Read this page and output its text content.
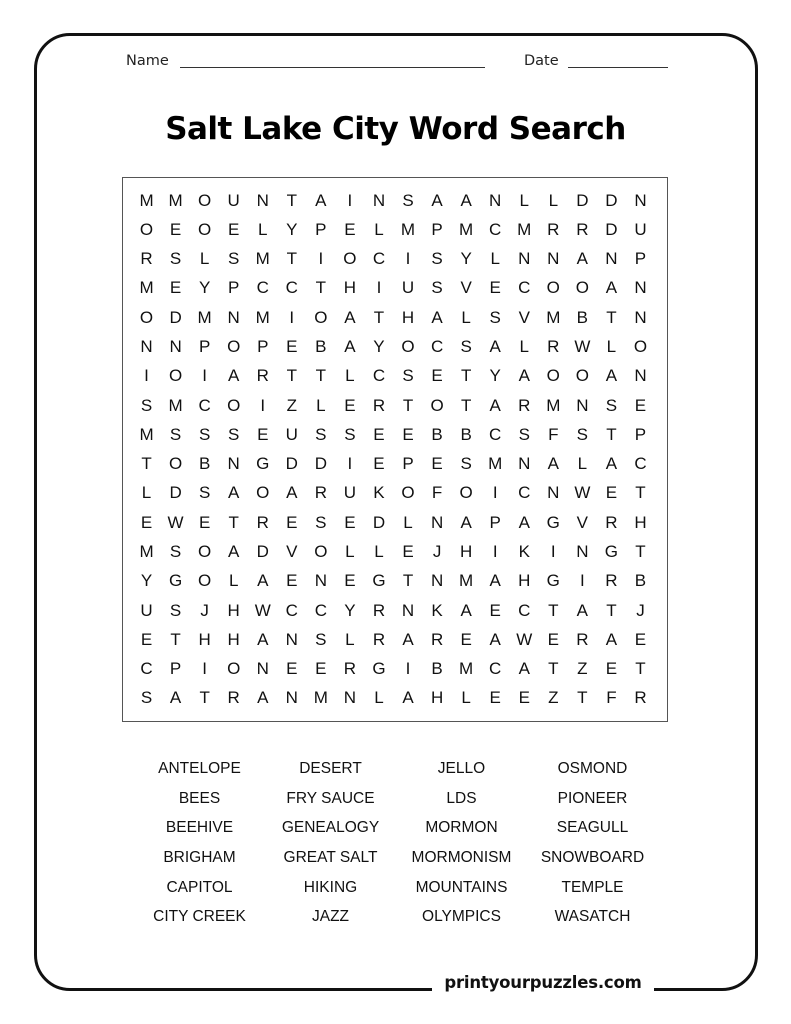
printyourpuzzles.com
Name	Date
Salt Lake City Word Search
M M O U N	T	A	I	N	S	A	A	N	L	L	D D N
O E O E	L	Y	P	E	L	M P M C M R R D U
R	S	L	S M T	I	O C	I	S	Y	L	N N	A	N	P
M E	Y	P	C C	T	H	I	U	S	V	E	C O O A	N
O D M N M	I	O A	T	H	A	L	S	V M B	T	N
N N	P O P	E	B	A	Y O C	S	A	L	R W L	O
I	O	I	A	R	T	T	L	C	S	E	T	Y	A O O A	N
S M C O	I	Z	L	E	R	T	O	T	A	R M N	S	E
M S	S	S	E	U	S	S	E	E	B	B	C	S	F	S	T	P
T	O B	N G D D	I	E	P	E	S M N	A	L	A	C
L	D	S	A O A	R U	K O	F	O	I	C N W E	T
E W E	T	R	E	S	E	D	L	N	A	P	A G V	R H
M S O A	D	V O	L	L	E	J	H	I	K	I	N G	T
Y G O	L	A	E	N	E G	T	N M A	H G	I	R	B
U	S	J	H W C C	Y	R N	K	A	E	C	T	A	T	J
E	T	H H	A	N	S	L	R	A	R	E	A W E	R	A	E
C	P	I	O N	E	E	R G	I	B M C	A	T	Z	E	T
S	A	T	R	A	N M N	L	A	H	L	E	E	Z	T	F	R
ANTELOPE
BEES
BEEHIVE
BRIGHAM
CAPITOL
CITY CREEK
DESERT
FRY SAUCE
GENEALOGY
GREAT SALT
HIKING
JAZZ
JELLO
LDS
MORMON
MORMONISM
MOUNTAINS
OLYMPICS
OSMOND
PIONEER
SEAGULL
SNOWBOARD
TEMPLE
WASATCH
